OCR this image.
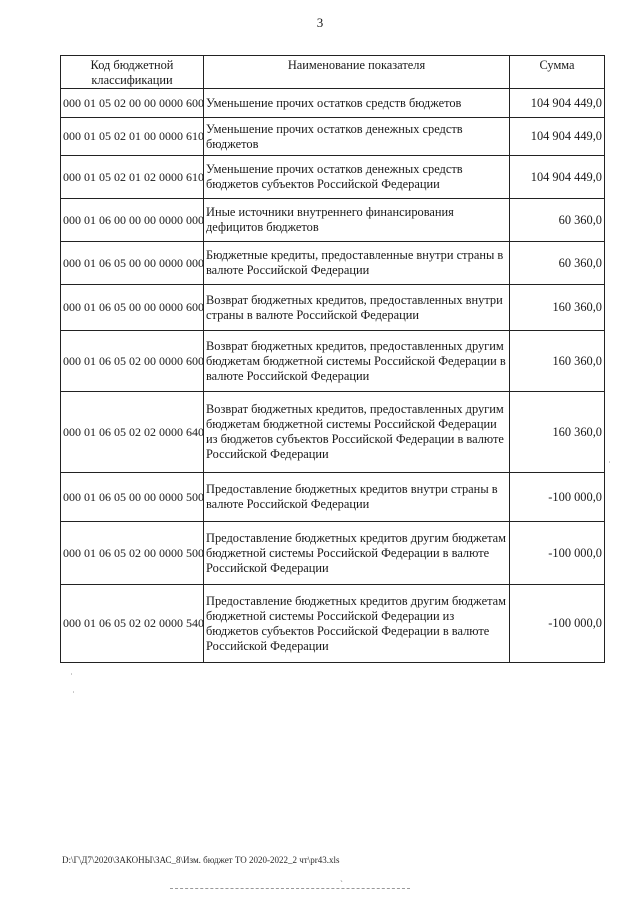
3
Код бюджетной классификации	Наименование показателя	Сумма
000 01 05 02 00 00 0000 600	Уменьшение прочих остатков средств бюджетов	104 904 449,0
000 01 05 02 01 00 0000 610	Уменьшение прочих остатков денежных средств бюджетов	104 904 449,0
000 01 05 02 01 02 0000 610	Уменьшение прочих остатков денежных средств бюджетов субъектов Российской Федерации	104 904 449,0
000 01 06 00 00 00 0000 000	Иные источники внутреннего финансирования дефицитов бюджетов	60 360,0
000 01 06 05 00 00 0000 000	Бюджетные кредиты, предоставленные внутри страны в валюте Российской Федерации	60 360,0
000 01 06 05 00 00 0000 600	Возврат бюджетных кредитов, предоставленных внутри страны в валюте Российской Федерации	160 360,0
000 01 06 05 02 00 0000 600	Возврат бюджетных кредитов, предоставленных другим бюджетам бюджетной системы Российской Федерации в валюте Российской Федерации	160 360,0
000 01 06 05 02 02 0000 640	Возврат бюджетных кредитов, предоставленных другим бюджетам бюджетной системы Российской Федерации из бюджетов субъектов Российской Федерации в валюте Российской Федерации	160 360,0
000 01 06 05 00 00 0000 500	Предоставление бюджетных кредитов внутри страны в валюте Российской Федерации	-100 000,0
000 01 06 05 02 00 0000 500	Предоставление бюджетных кредитов другим бюджетам бюджетной системы Российской Федерации в валюте Российской Федерации	-100 000,0
000 01 06 05 02 02 0000 540	Предоставление бюджетных кредитов другим бюджетам бюджетной системы Российской Федерации из бюджетов субъектов Российской Федерации в валюте Российской Федерации	-100 000,0
˙
˙
˙
ˎ
D:\Г\Д7\2020\ЗАКОНЫ\ЗАС_8\Изм. бюджет ТО 2020-2022_2 чт\pr43.xls
